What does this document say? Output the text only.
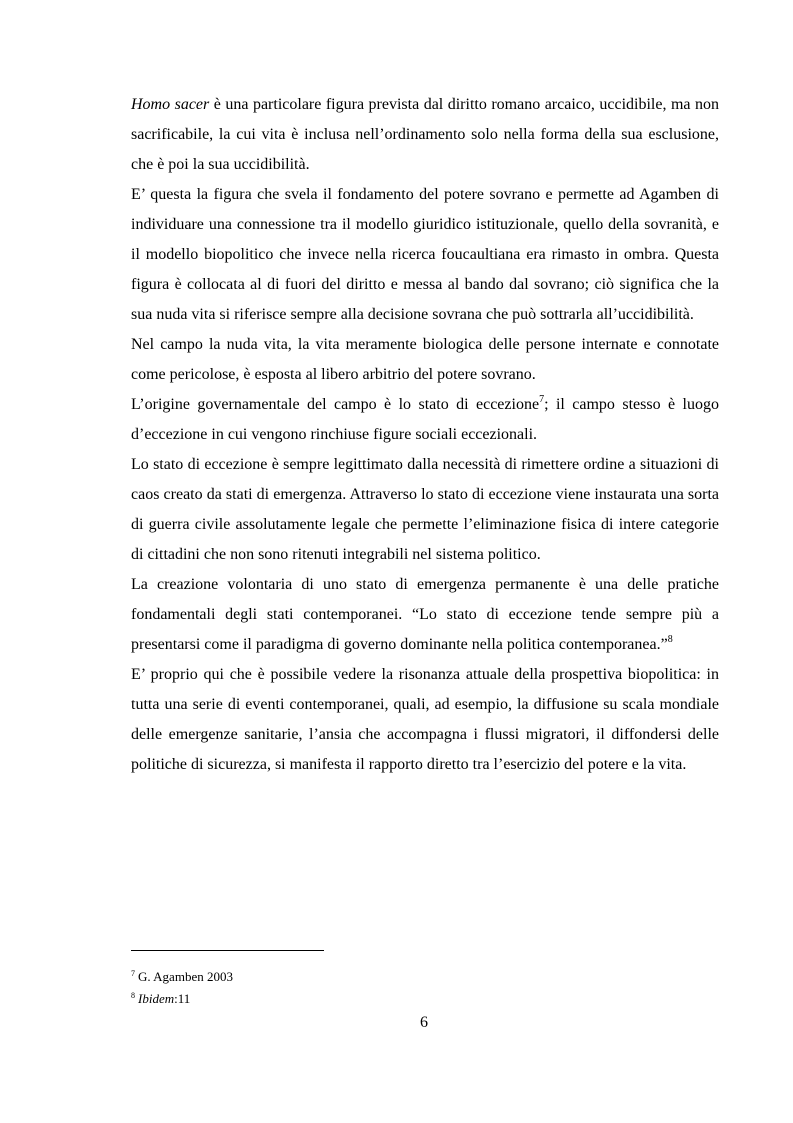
Homo sacer è una particolare figura prevista dal diritto romano arcaico, uccidibile, ma non sacrificabile, la cui vita è inclusa nell’ordinamento solo nella forma della sua esclusione, che è poi la sua uccidibilità.

E’ questa la figura che svela il fondamento del potere sovrano e permette ad Agamben di individuare una connessione tra il modello giuridico istituzionale, quello della sovranità, e il modello biopolitico che invece nella ricerca foucaultiana era rimasto in ombra. Questa figura è collocata al di fuori del diritto e messa al bando dal sovrano; ciò significa che la sua nuda vita si riferisce sempre alla decisione sovrana che può sottrarla all’uccidibilità.

Nel campo la nuda vita, la vita meramente biologica delle persone internate e connotate come pericolose, è esposta al libero arbitrio del potere sovrano.

L’origine governamentale del campo è lo stato di eccezione$^7$; il campo stesso è luogo d’eccezione in cui vengono rinchiuse figure sociali eccezionali.

Lo stato di eccezione è sempre legittimato dalla necessità di rimettere ordine a situazioni di caos creato da stati di emergenza. Attraverso lo stato di eccezione viene instaurata una sorta di guerra civile assolutamente legale che permette l’eliminazione fisica di intere categorie di cittadini che non sono ritenuti integrabili nel sistema politico.

La creazione volontaria di uno stato di emergenza permanente è una delle pratiche fondamentali degli stati contemporanei. “Lo stato di eccezione tende sempre più a presentarsi come il paradigma di governo dominante nella politica contemporanea.”$^8$

E’ proprio qui che è possibile vedere la risonanza attuale della prospettiva biopolitica: in tutta una serie di eventi contemporanei, quali, ad esempio, la diffusione su scala mondiale delle emergenze sanitarie, l’ansia che accompagna i flussi migratori, il diffondersi delle politiche di sicurezza, si manifesta il rapporto diretto tra l’esercizio del potere e la vita.

$^7$ G. Agamben 2003
$^8$ Ibidem:11
6
